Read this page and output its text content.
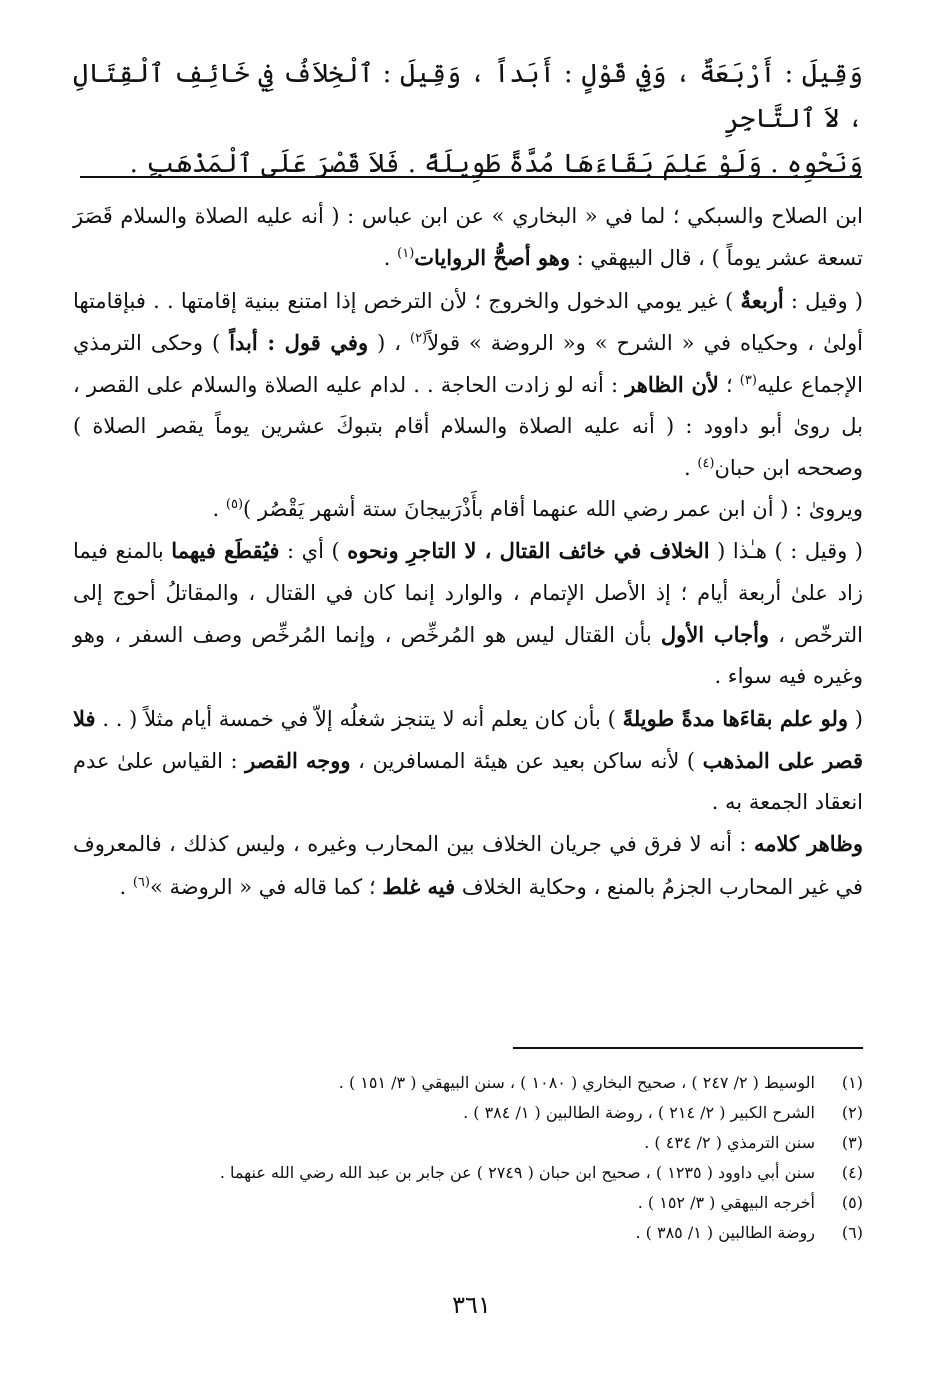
وَقِيلَ : أَرْبَعَةٌ ، وَفِي قَوْلٍ : أَبَداً ، وَقِيلَ : ٱلْخِلاَفُ فِي خَائِفِ ٱلْقِتَالِ ، لاَ ٱلتَّاجِرِ

وَنَحْوِهِ . وَلَوْ عَلِمَ بَقَاءَهَا مُدَّةً طَوِيلَةً . فَلاَ قَصْرَ عَلَى ٱلْمَذْهَبِ .

ابن الصلاح والسبكي ؛ لما في « البخاري » عن ابن عباس : ( أنه عليه الصلاة والسلام قَصَرَ تسعة عشر يوماً ) ، قال البيهقي : وهو أصحُّ الروايات$^{(١)}$ .

( وقيل : أربعةٌ ) غير يومي الدخول والخروج ؛ لأن الترخص إذا امتنع ببنية إقامتها . . فبإقامتها أولىٰ ، وحكياه في « الشرح » و« الروضة » قولاً$^{(٢)}$ ، ( وفي قول : أبداً ) وحكى الترمذي الإجماع عليه$^{(٣)}$ ؛ لأن الظاهر : أنه لو زادت الحاجة . . لدام عليه الصلاة والسلام على القصر ، بل روىٰ أبو داوود : ( أنه عليه الصلاة والسلام أقام بتبوكَ عشرين يوماً يقصر الصلاة ) وصححه ابن حبان$^{(٤)}$ .

ويروىٰ : ( أن ابن عمر رضي الله عنهما أقام بأَذْرَبيجانَ ستة أشهر يَقْصُر )$^{(٥)}$ .

( وقيل : ) هـٰذا ( الخلاف في خائف القتال ، لا التاجرِ ونحوه ) أي : فيُقطَع فيهما بالمنع فيما زاد علىٰ أربعة أيام ؛ إذ الأصل الإتمام ، والوارد إنما كان في القتال ، والمقاتلُ أحوج إلى الترخّص ، وأجاب الأول بأن القتال ليس هو المُرخِّص ، وإنما المُرخِّص وصف السفر ، وهو وغيره فيه سواء .

( ولو علم بقاءَها مدةً طويلةً ) بأن كان يعلم أنه لا يتنجز شغلُه إلاّ في خمسة أيام مثلاً ( . . فلا قصر على المذهب ) لأنه ساكن بعيد عن هيئة المسافرين ، ووجه القصر : القياس علىٰ عدم انعقاد الجمعة به .

وظاهر كلامه : أنه لا فرق في جريان الخلاف بين المحارب وغيره ، وليس كذلك ، فالمعروف في غير المحارب الجزمُ بالمنع ، وحكاية الخلاف فيه غلط ؛ كما قاله في « الروضة »$^{(٦)}$ .

(١)
الوسيط ( ٢/ ٢٤٧ ) ، صحيح البخاري ( ١٠٨٠ ) ، سنن البيهقي ( ٣/ ١٥١ ) .
(٢)
الشرح الكبير ( ٢/ ٢١٤ ) ، روضة الطالبين ( ١/ ٣٨٤ ) .
(٣)
سنن الترمذي ( ٢/ ٤٣٤ ) .
(٤)
سنن أبي داوود ( ١٢٣٥ ) ، صحيح ابن حبان ( ٢٧٤٩ ) عن جابر بن عبد الله رضي الله عنهما .
(٥)
أخرجه البيهقي ( ٣/ ١٥٢ ) .
(٦)
روضة الطالبين ( ١/ ٣٨٥ ) .
٣٦١
